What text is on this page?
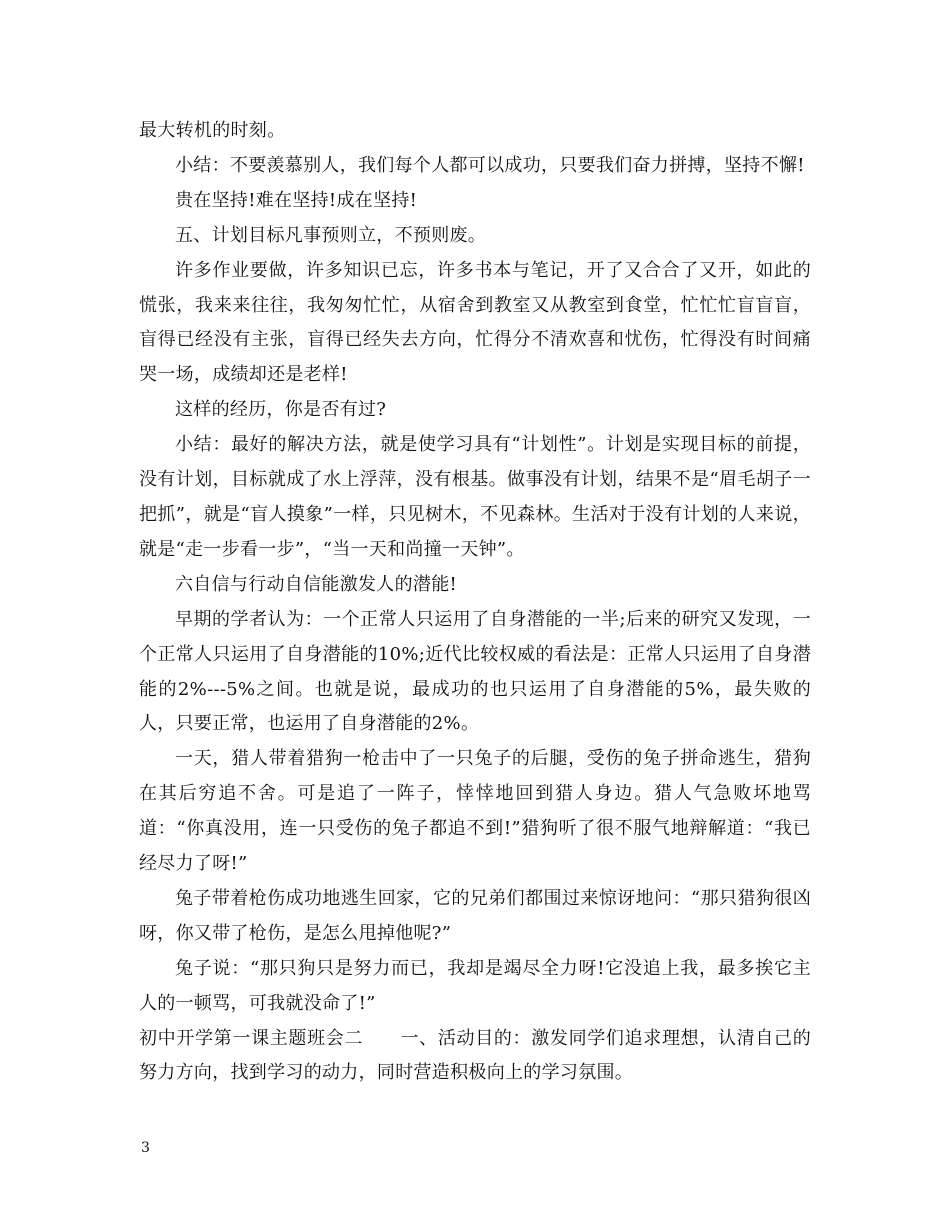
最大转机的时刻。

小结：不要羡慕别人，我们每个人都可以成功，只要我们奋力拼搏，坚持不懈!

贵在坚持!难在坚持!成在坚持!

五、计划目标凡事预则立，不预则废。

许多作业要做，许多知识已忘，许多书本与笔记，开了又合合了又开，如此的慌张，我来来往往，我匆匆忙忙，从宿舍到教室又从教室到食堂，忙忙忙盲盲盲，盲得已经没有主张，盲得已经失去方向，忙得分不清欢喜和忧伤，忙得没有时间痛哭一场，成绩却还是老样!

这样的经历，你是否有过?

小结：最好的解决方法，就是使学习具有“计划性”。计划是实现目标的前提，没有计划，目标就成了水上浮萍，没有根基。做事没有计划，结果不是“眉毛胡子一把抓”，就是“盲人摸象”一样，只见树木，不见森林。生活对于没有计划的人来说，就是“走一步看一步”，“当一天和尚撞一天钟”。

六自信与行动自信能激发人的潜能!

早期的学者认为：一个正常人只运用了自身潜能的一半;后来的研究又发现，一个正常人只运用了自身潜能的10%;近代比较权威的看法是：正常人只运用了自身潜能的2%---5%之间。也就是说，最成功的也只运用了自身潜能的5%，最失败的人，只要正常，也运用了自身潜能的2%。

一天，猎人带着猎狗一枪击中了一只兔子的后腿，受伤的兔子拼命逃生，猎狗在其后穷追不舍。可是追了一阵子，悻悻地回到猎人身边。猎人气急败坏地骂道：“你真没用，连一只受伤的兔子都追不到!”猎狗听了很不服气地辩解道：“我已经尽力了呀!”

兔子带着枪伤成功地逃生回家，它的兄弟们都围过来惊讶地问：“那只猎狗很凶呀，你又带了枪伤，是怎么甩掉他呢?”

兔子说：“那只狗只是努力而已，我却是竭尽全力呀!它没追上我，最多挨它主人的一顿骂，可我就没命了!”

初中开学第一课主题班会二　　一、活动目的：激发同学们追求理想，认清自己的努力方向，找到学习的动力，同时营造积极向上的学习氛围。

3
